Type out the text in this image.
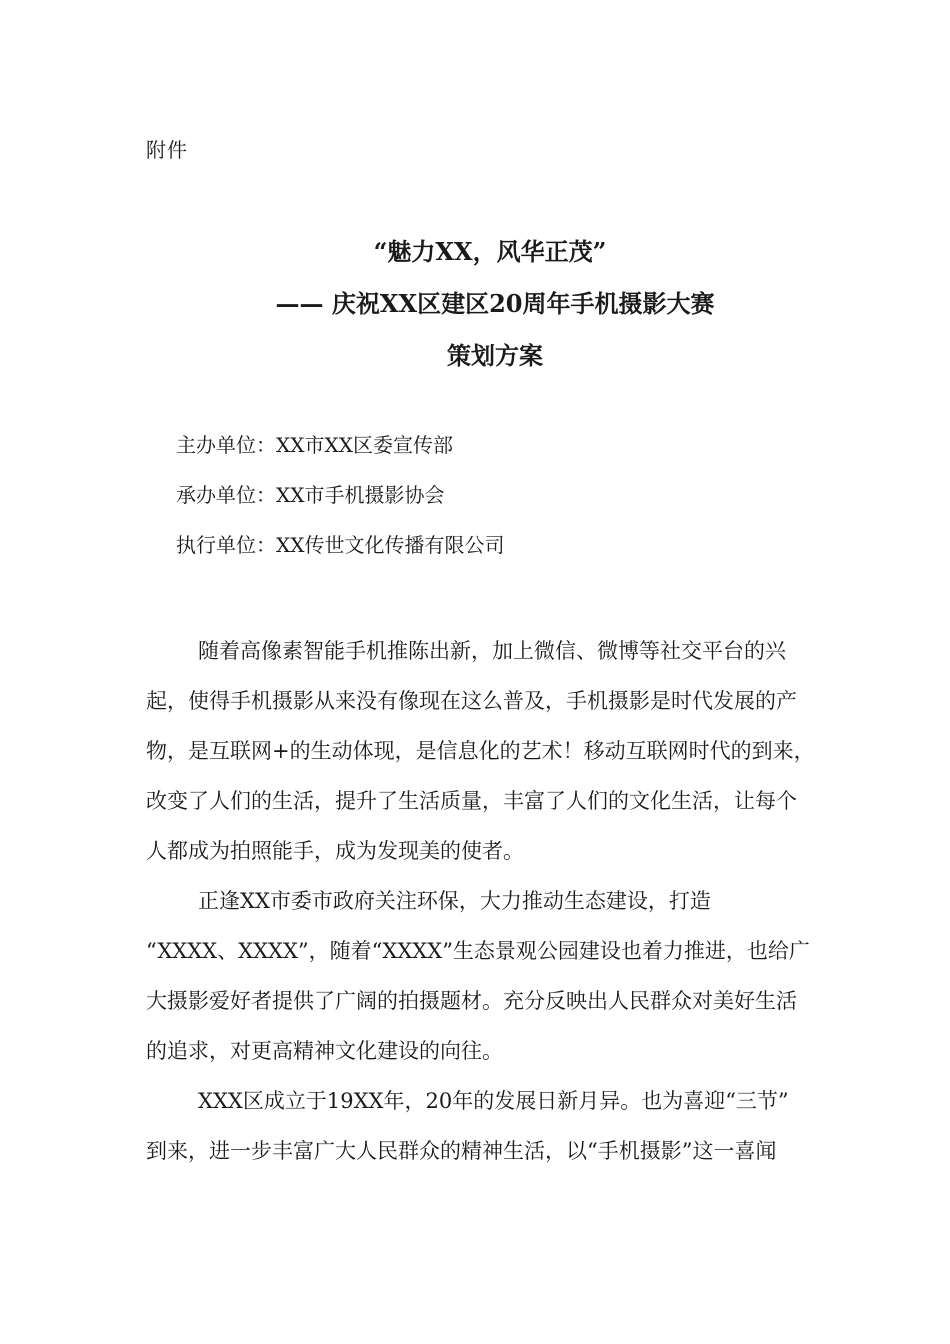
附件
“魅力XX，风华正茂”
—— 庆祝XX区建区20周年手机摄影大赛
策划方案
主办单位：XX市XX区委宣传部
承办单位：XX市手机摄影协会
执行单位：XX传世文化传播有限公司
随着高像素智能手机推陈出新，加上微信、微博等社交平台的兴
起，使得手机摄影从来没有像现在这么普及，手机摄影是时代发展的产
物，是互联网+的生动体现，是信息化的艺术！移动互联网时代的到来，
改变了人们的生活，提升了生活质量，丰富了人们的文化生活，让每个
人都成为拍照能手，成为发现美的使者。
正逢XX市委市政府关注环保，大力推动生态建设，打造
“XXXX、XXXX”，随着“XXXX”生态景观公园建设也着力推进，也给广
大摄影爱好者提供了广阔的拍摄题材。充分反映出人民群众对美好生活
的追求，对更高精神文化建设的向往。
XXX区成立于19XX年，20年的发展日新月异。也为喜迎“三节”
到来，进一步丰富广大人民群众的精神生活，以“手机摄影”这一喜闻
